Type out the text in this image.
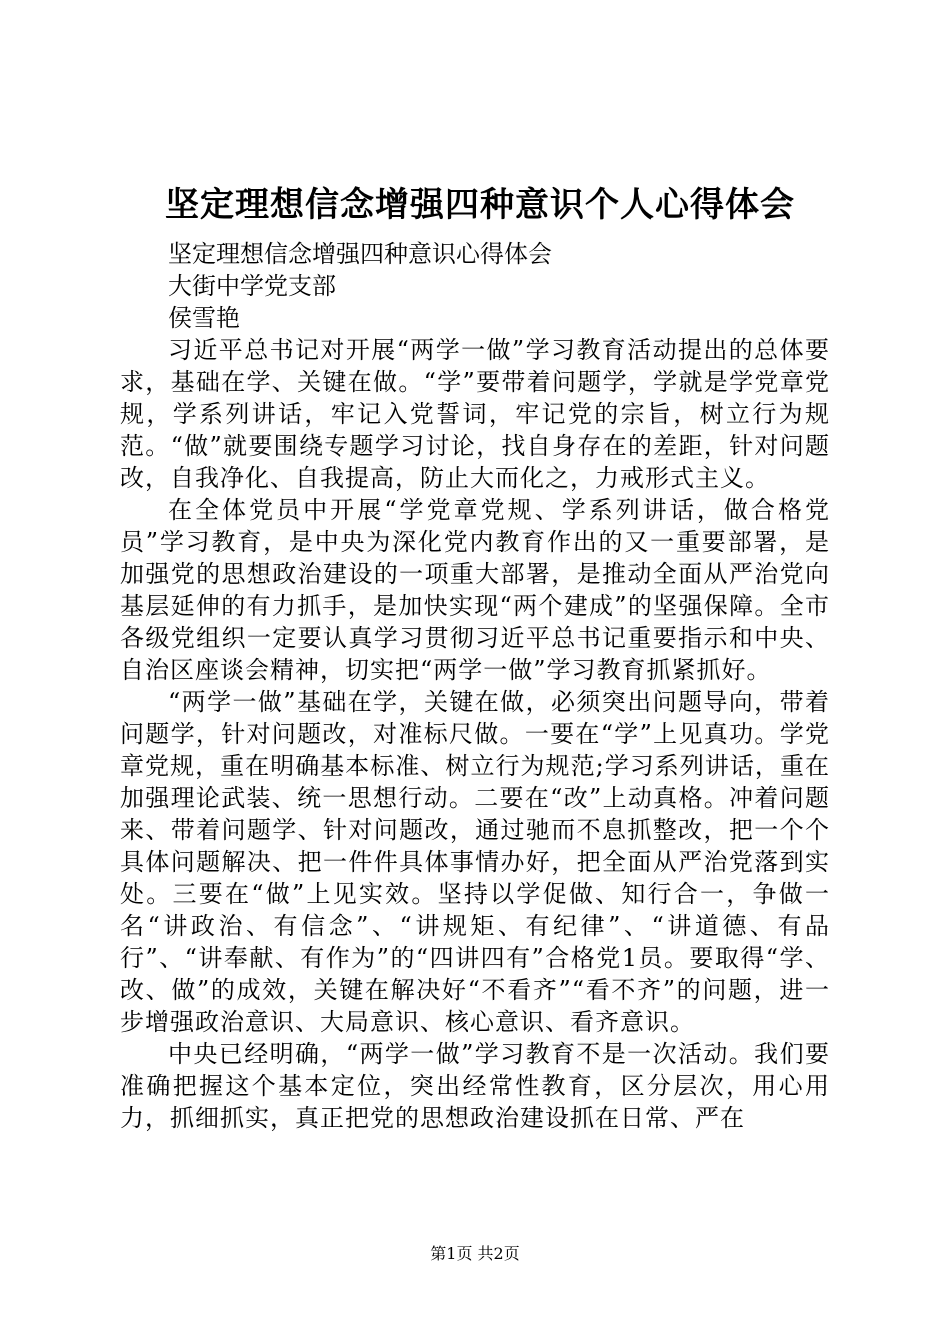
坚定理想信念增强四种意识个人心得体会

坚定理想信念增强四种意识心得体会

大街中学党支部

侯雪艳

习近平总书记对开展“两学一做”学习教育活动提出的总体要求，基础在学、关键在做。“学”要带着问题学，学就是学党章党规，学系列讲话，牢记入党誓词，牢记党的宗旨，树立行为规范。“做”就要围绕专题学习讨论，找自身存在的差距，针对问题改，自我净化、自我提高，防止大而化之，力戒形式主义。

在全体党员中开展“学党章党规、学系列讲话，做合格党员”学习教育，是中央为深化党内教育作出的又一重要部署，是加强党的思想政治建设的一项重大部署，是推动全面从严治党向基层延伸的有力抓手，是加快实现“两个建成”的坚强保障。全市各级党组织一定要认真学习贯彻习近平总书记重要指示和中央、自治区座谈会精神，切实把“两学一做”学习教育抓紧抓好。

“两学一做”基础在学，关键在做，必须突出问题导向，带着问题学，针对问题改，对准标尺做。一要在“学”上见真功。学党章党规，重在明确基本标准、树立行为规范;学习系列讲话，重在加强理论武装、统一思想行动。二要在“改”上动真格。冲着问题来、带着问题学、针对问题改，通过驰而不息抓整改，把一个个具体问题解决、把一件件具体事情办好，把全面从严治党落到实处。三要在“做”上见实效。坚持以学促做、知行合一，争做一名“讲政治、有信念”、“讲规矩、有纪律”、“讲道德、有品行”、“讲奉献、有作为”的“四讲四有”合格党1员。要取得“学、改、做”的成效，关键在解决好“不看齐”“看不齐”的问题，进一步增强政治意识、大局意识、核心意识、看齐意识。

中央已经明确，“两学一做”学习教育不是一次活动。我们要准确把握这个基本定位，突出经常性教育，区分层次，用心用力，抓细抓实，真正把党的思想政治建设抓在日常、严在

第1页 共2页
